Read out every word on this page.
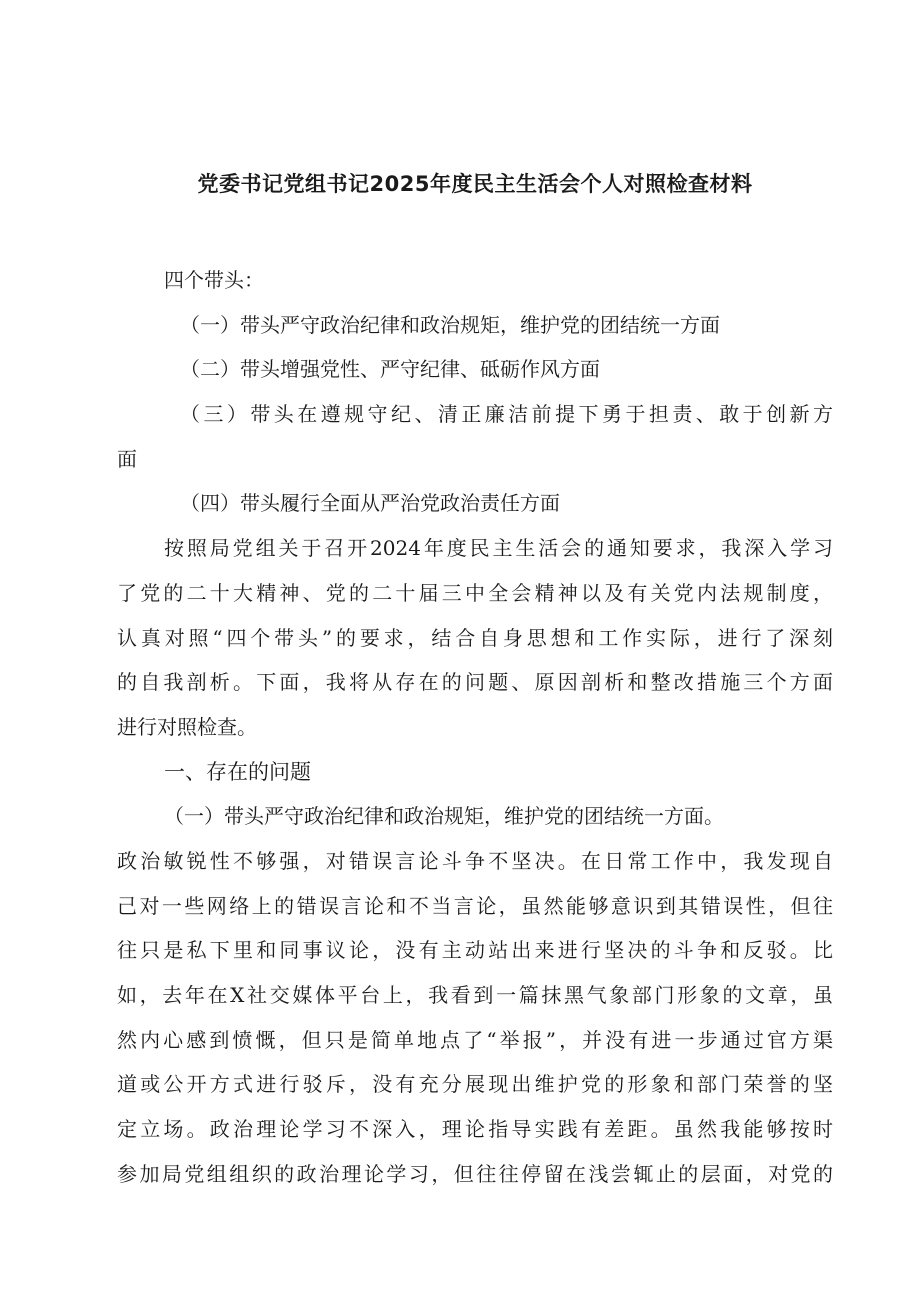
党委书记党组书记2025年度民主生活会个人对照检查材料
四个带头：
（一）带头严守政治纪律和政治规矩，维护党的团结统一方面
（二）带头增强党性、严守纪律、砥砺作风方面
（三）带头在遵规守纪、清正廉洁前提下勇于担责、敢于创新方
面
（四）带头履行全面从严治党政治责任方面
按照局党组关于召开2024年度民主生活会的通知要求，我深入学习
了党的二十大精神、党的二十届三中全会精神以及有关党内法规制度，
认真对照“四个带头”的要求，结合自身思想和工作实际，进行了深刻
的自我剖析。下面，我将从存在的问题、原因剖析和整改措施三个方面
进行对照检查。
一、存在的问题
（一）带头严守政治纪律和政治规矩，维护党的团结统一方面。
政治敏锐性不够强，对错误言论斗争不坚决。在日常工作中，我发现自
己对一些网络上的错误言论和不当言论，虽然能够意识到其错误性，但往
往只是私下里和同事议论，没有主动站出来进行坚决的斗争和反驳。比
如，去年在X社交媒体平台上，我看到一篇抹黑气象部门形象的文章，虽
然内心感到愤慨，但只是简单地点了“举报”，并没有进一步通过官方渠
道或公开方式进行驳斥，没有充分展现出维护党的形象和部门荣誉的坚
定立场。政治理论学习不深入，理论指导实践有差距。虽然我能够按时
参加局党组组织的政治理论学习，但往往停留在浅尝辄止的层面，对党的
